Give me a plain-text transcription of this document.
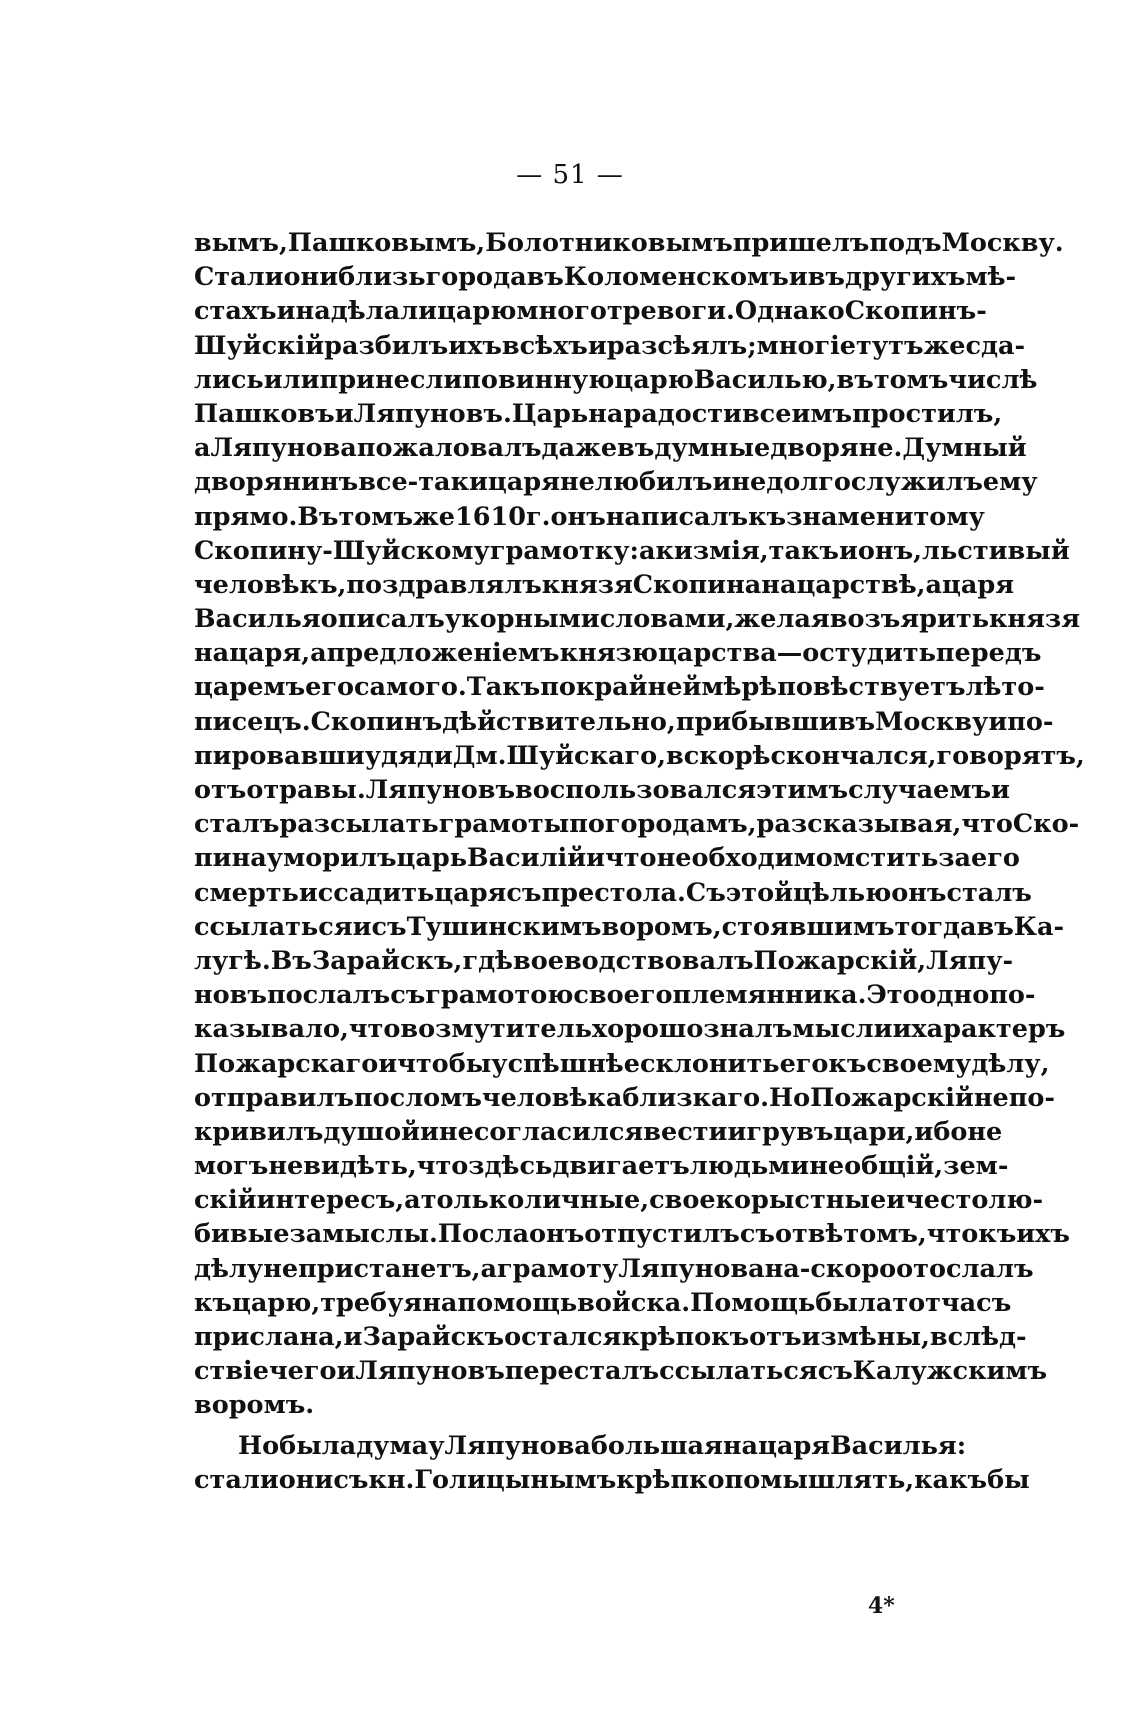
— 51 —
вымъ, Пашковымъ, Болотниковымъ пришелъ подъ Москву.
Стали они близь города въ Коломенскомъ и въ другихъ мѣ-
стахъ и надѣлали царю много тревоги. Однако Скопинъ-
Шуйскій разбилъ ихъ всѣхъ и разсѣялъ; многіе тутъ же сда-
лись или принесли повинную царю Василью, въ томъ числѣ
Пашковъ и Ляпуновъ. Царь на радости все имъ простилъ,
а Ляпунова пожаловалъ даже въ думные дворяне. Думный
дворянинъ все-таки царя не любилъ и не долго служилъ ему
прямо. Въ томъ же 1610 г. онъ написалъ къ знаменитому
Скопину-Шуйскому грамотку: аки змія, такъ и онъ, льстивый
человѣкъ, поздравлялъ князя Скопина на царствѣ, а царя
Василья описалъ укорными словами, желая возъярить князя
на царя, а предложеніемъ князю царства—остудить передъ
царемъ его самого. Такъ по крайней мѣрѣ повѣствуетъ лѣто-
писецъ. Скопинъ дѣйствительно, прибывши въ Москву и по-
пировавши у дяди Дм. Шуйскаго, вскорѣ скончался, говорятъ,
отъ отравы. Ляпуновъ воспользовался этимъ случаемъ и
сталъ разсылать грамоты по городамъ, разсказывая, что Ско-
пина уморилъ царь Василій и что необходимо мстить за его
смерть и ссадить царя съ престола. Съ этой цѣлью онъ сталъ
ссылаться и съ Тушинскимъ воромъ, стоявшимъ тогда въ Ка-
лугѣ. Въ Зарайскъ, гдѣ воеводствовалъ Пожарскій, Ляпу-
новъ послалъ съ грамотою своего племянника. Это одно по-
казывало, что возмутитель хорошо зналъ мысли и характеръ
Пожарскаго и чтобы успѣшнѣе склонить его къ своему дѣлу,
отправилъ посломъ человѣка близкаго. Но Пожарскій не по-
кривилъ душой и не согласился вести игру въ цари, ибо не
могъ не видѣть, что здѣсь двигаетъ людьми не общій, зем-
скій интересъ, а только личные, своекорыстные и честолю-
бивые замыслы. Посла онъ отпустилъ съ отвѣтомъ, что къ ихъ
дѣлу не пристанетъ, а грамоту Ляпунова на-скоро отослалъ
къ царю, требуя на помощь войска. Помощь была тотчасъ
прислана, и Зарайскъ остался крѣпокъ отъ измѣны, вслѣд-
ствіе чего и Ляпуновъ пересталъ ссылаться съ Калужскимъ
воромъ.
Но была дума у Ляпунова большая на царя Василья:
стали они съ кн. Голицынымъ крѣпко помышлять, какъ бы
4*
